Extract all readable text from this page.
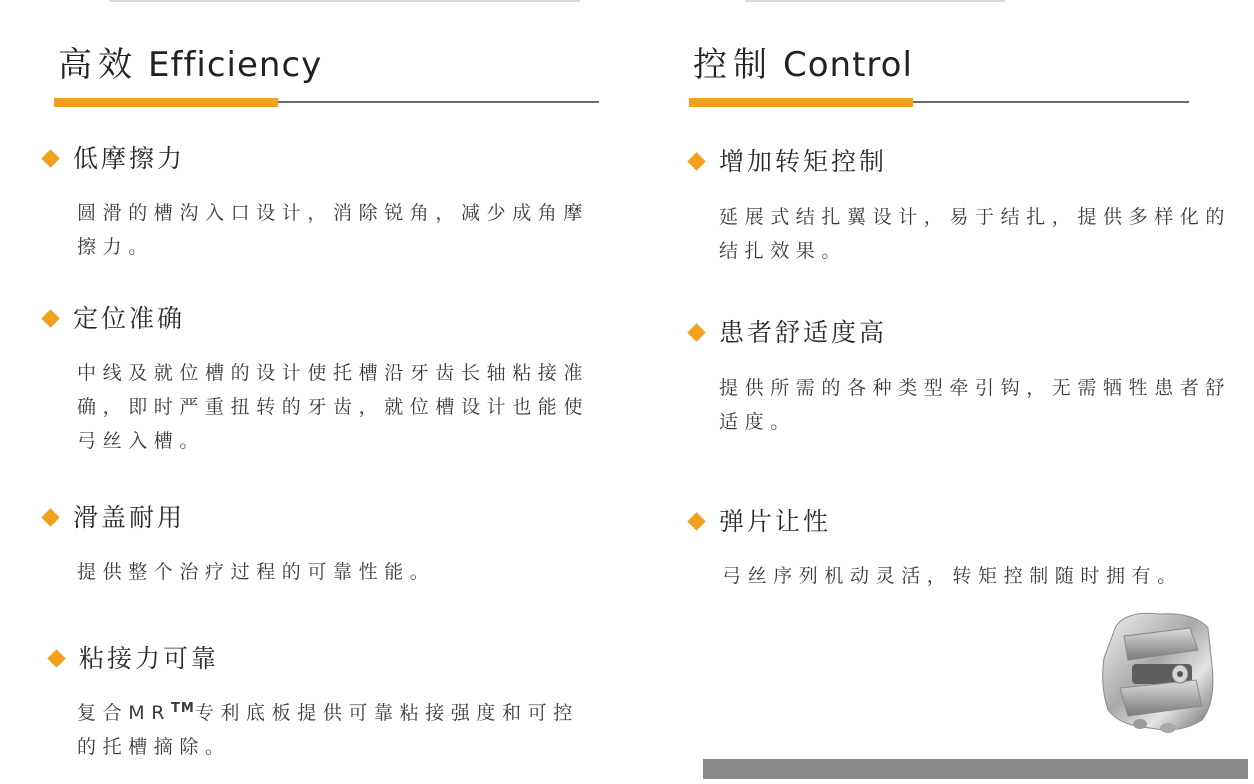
高效 Efficiency
低摩擦力
圆滑的槽沟入口设计，消除锐角，减少成角摩擦力。
定位准确
中线及就位槽的设计使托槽沿牙齿长轴粘接准确，即时严重扭转的牙齿，就位槽设计也能使弓丝入槽。
滑盖耐用
提供整个治疗过程的可靠性能。
粘接力可靠
复合MR™专利底板提供可靠粘接强度和可控的托槽摘除。
控制 Control
增加转矩控制
延展式结扎翼设计，易于结扎，提供多样化的结扎效果。
患者舒适度高
提供所需的各种类型牵引钩，无需牺牲患者舒适度。
弹片让性
弓丝序列机动灵活，转矩控制随时拥有。
